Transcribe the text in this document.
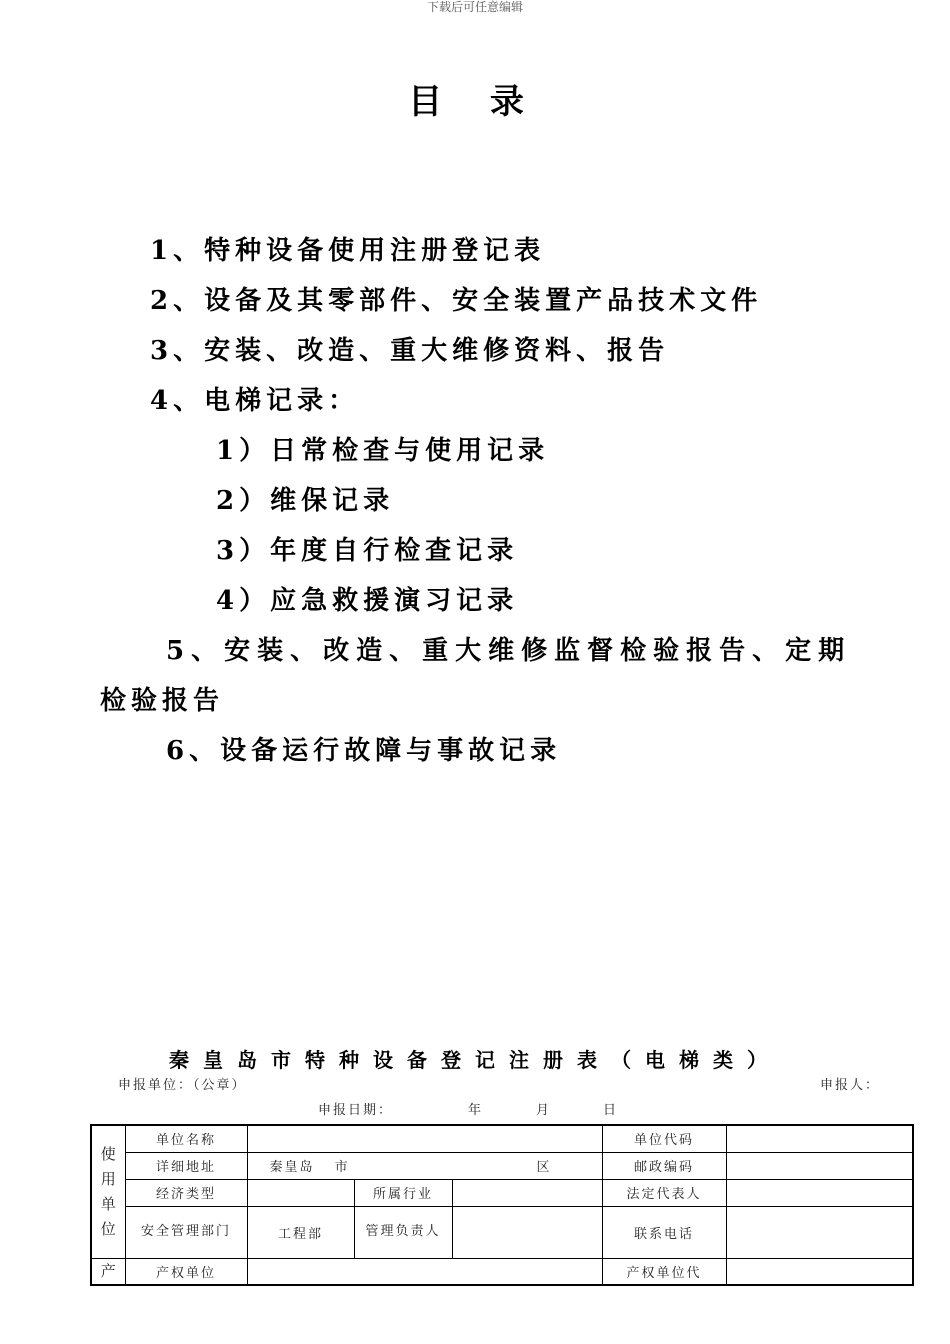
下载后可任意编辑
目 录
1、特种设备使用注册登记表
2、设备及其零部件、安全装置产品技术文件
3、安装、改造、重大维修资料、报告
4、电梯记录：
1）日常检查与使用记录
2）维保记录
3）年度自行检查记录
4）应急救援演习记录
5、安装、改造、重大维修监督检验报告、定期
检验报告
6、设备运行故障与事故记录
秦皇岛市特种设备登记注册表（电梯类）
申报单位：（公章）	申报人：
申报日期：	年	月	日
使
用
单
位	单位名称				单位代码	
	详细地址	秦皇岛 市 区			邮政编码	
	经济类型		所属行业		法定代表人	
	安全管理部门	工程部	管理负责人		联系电话	
产	产权单位				产权单位代	
